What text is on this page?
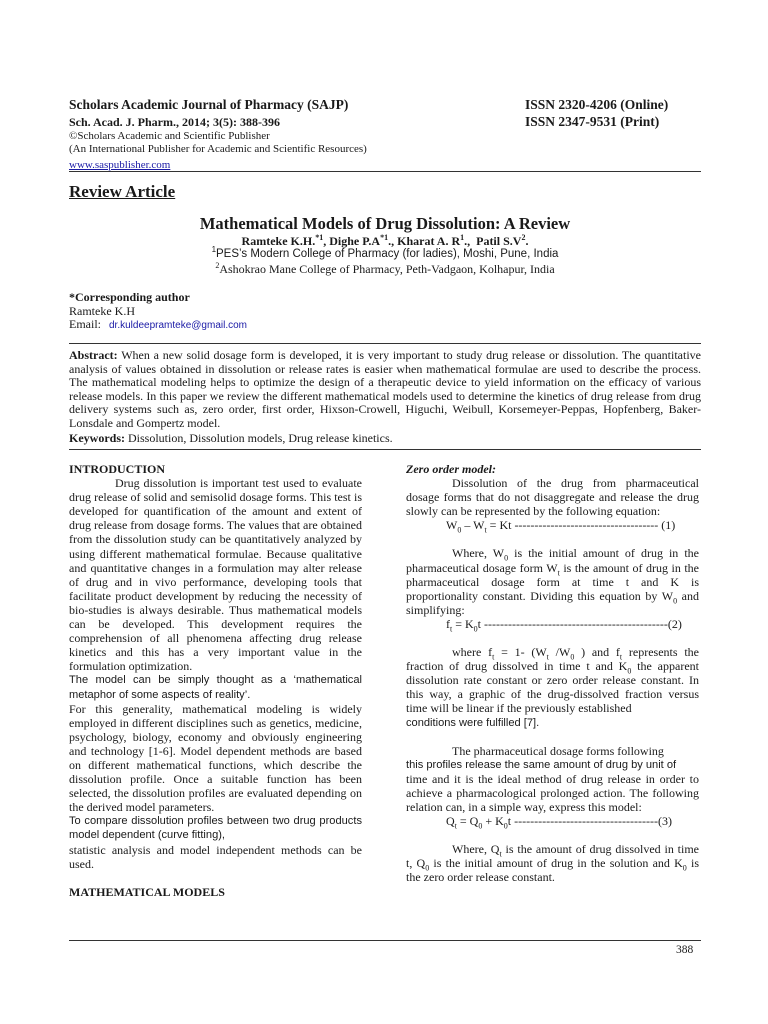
Scholars Academic Journal of Pharmacy (SAJP)	ISSN 2320-4206 (Online)
Sch. Acad. J. Pharm., 2014; 3(5): 388-396	ISSN 2347-9531 (Print)
©Scholars Academic and Scientific Publisher
(An International Publisher for Academic and Scientific Resources)
www.saspublisher.com
Review Article
Mathematical Models of Drug Dissolution: A Review
Ramteke K.H.$^{*1}$, Dighe $P.A^{*1}$., Kharat A. $R^1$.,  Patil $S.V^2$.
$^1$PES’s Modern College of Pharmacy (for ladies), Moshi, Pune, India
$^2$Ashokrao Mane College of Pharmacy, Peth-Vadgaon, Kolhapur, India
*Corresponding author
Ramteke K.H
Email: dr.kuldeepramteke@gmail.com
Abstract: When a new solid dosage form is developed, it is very important to study drug release or dissolution. The quantitative analysis of values obtained in dissolution or release rates is easier when mathematical formulae are used to describe the process. The mathematical modeling helps to optimize the design of a therapeutic device to yield information on the efficacy of various release models. In this paper we review the different mathematical models used to determine the kinetics of drug release from drug delivery systems such as, zero order, first order, Hixson-Crowell, Higuchi, Weibull, Korsemeyer-Peppas, Hopfenberg, Baker-Lonsdale and Gompertz model.
Keywords: Dissolution, Dissolution models, Drug release kinetics.

INTRODUCTION

Drug dissolution is important test used to evaluate drug release of solid and semisolid dosage forms. This test is developed for quantification of the amount and extent of drug release from dosage forms. The values that are obtained from the dissolution study can be quantitatively analyzed by using different mathematical formulae. Because qualitative and quantitative changes in a formulation may alter release of drug and in vivo performance, developing tools that facilitate product development by reducing the necessity of bio-studies is always desirable. Thus mathematical models can be developed. This development requires the comprehension of all phenomena affecting drug release kinetics and this has a very important value in the formulation optimization.

The model can be simply thought as a ‘mathematical metaphor of some aspects of reality’.

For this generality, mathematical modeling is widely employed in different disciplines such as genetics, medicine, psychology, biology, economy and obviously engineering and technology [1-6]. Model dependent methods are based on different mathematical functions, which describe the dissolution profile. Once a suitable function has been selected, the dissolution profiles are evaluated depending on the derived model parameters.

To compare dissolution profiles between two drug products model dependent (curve fitting),

statistic analysis and model independent methods can be used.

MATHEMATICAL MODELS

Zero order model:

Dissolution of the drug from pharmaceutical dosage forms that do not disaggregate and release the drug slowly can be represented by the following equation:

$W_0 - W_t = Kt$ ------------------------------------ (1)

Where, $W_0$ is the initial amount of drug in the pharmaceutical dosage form $W_t$ is the amount of drug in the pharmaceutical dosage form at time t and K is proportionality constant. Dividing this equation by $W_0$ and simplifying:

$f_t = K_0t$ ----------------------------------------------(2)

where $f_t = 1-$ ($W_t$ $/W_0$ ) and $f_t$ represents the fraction of drug dissolved in time t and $K_0$ the apparent dissolution rate constant or zero order release constant. In this way, a graphic of the drug-dissolved fraction versus time will be linear if the previously established

conditions were fulfilled [7].

The pharmaceutical dosage forms following

this profiles release the same amount of drug by unit of

time and it is the ideal method of drug release in order to achieve a pharmacological prolonged action. The following relation can, in a simple way, express this model:

$Q_t = Q_0 + K_0t$ ------------------------------------(3)

Where, $Q_t$ is the amount of drug dissolved in time t, $Q_0$ is the initial amount of drug in the solution and $K_0$ is the zero order release constant.

388
